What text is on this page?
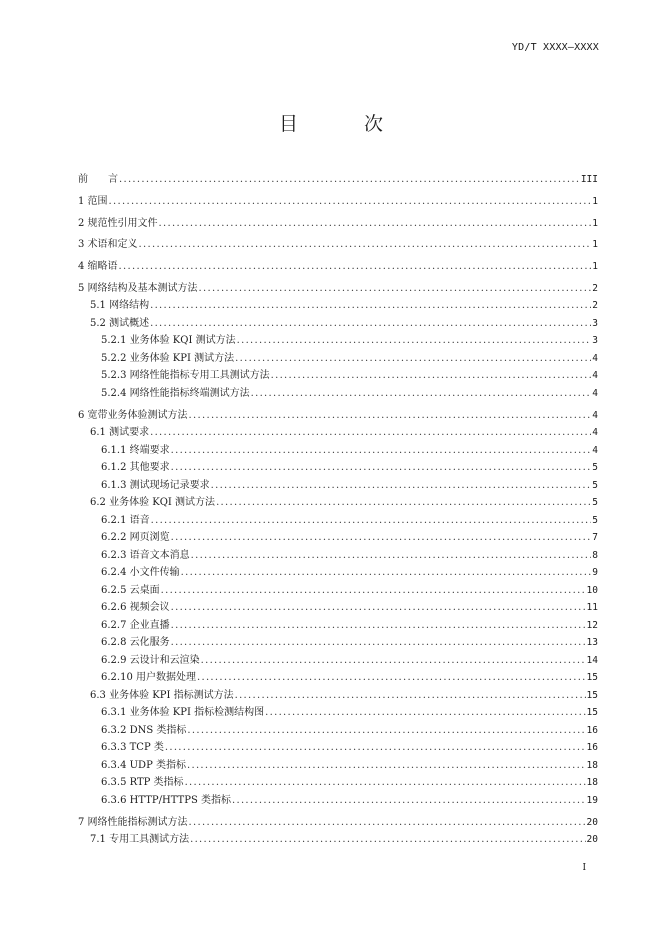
YD/T XXXX—XXXX
目 次
前　　言 .....	III
1 范围 .....	1
2 规范性引用文件 .....	1
3 术语和定义 .....	1
4 缩略语 .....	1
5 网络结构及基本测试方法 .....	2
5.1 网络结构 .....	2
5.2 测试概述 .....	3
5.2.1 业务体验 KQI 测试方法 .....	3
5.2.2 业务体验 KPI 测试方法 .....	4
5.2.3 网络性能指标专用工具测试方法 .....	4
5.2.4 网络性能指标终端测试方法 .....	4
6 宽带业务体验测试方法 .....	4
6.1 测试要求 .....	4
6.1.1 终端要求 .....	4
6.1.2 其他要求 .....	5
6.1.3 测试现场记录要求 .....	5
6.2 业务体验 KQI 测试方法 .....	5
6.2.1 语音 .....	5
6.2.2 网页浏览 .....	7
6.2.3 语音文本消息 .....	8
6.2.4 小文件传输 .....	9
6.2.5 云桌面 .....	10
6.2.6 视频会议 .....	11
6.2.7 企业直播 .....	12
6.2.8 云化服务 .....	13
6.2.9 云设计和云渲染 .....	14
6.2.10 用户数据处理 .....	15
6.3 业务体验 KPI 指标测试方法 .....	15
6.3.1 业务体验 KPI 指标检测结构图 .....	15
6.3.2 DNS 类指标 .....	16
6.3.3 TCP 类 .....	16
6.3.4 UDP 类指标 .....	18
6.3.5 RTP 类指标 .....	18
6.3.6 HTTP/HTTPS 类指标 .....	19
7 网络性能指标测试方法 .....	20
7.1 专用工具测试方法 .....	20
I
